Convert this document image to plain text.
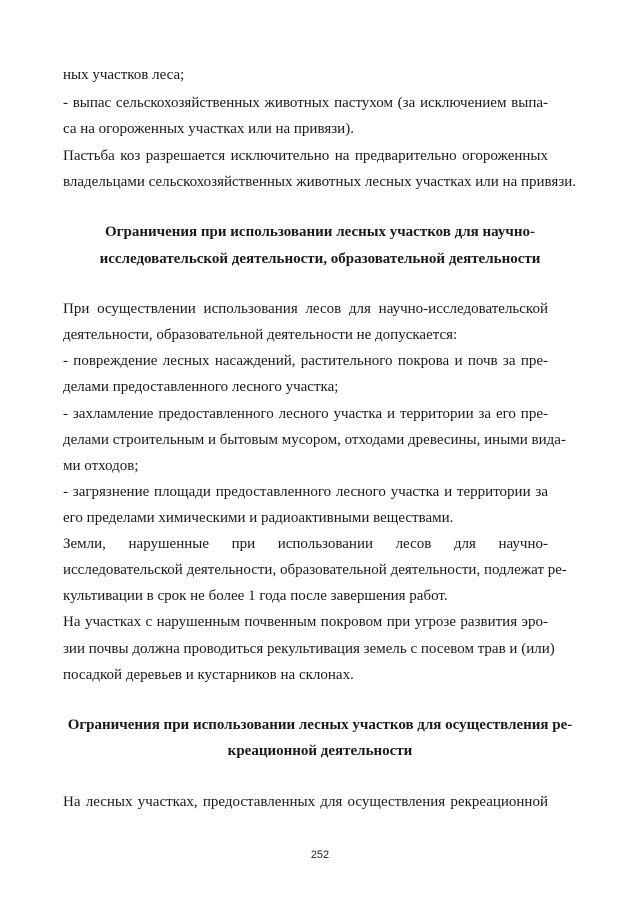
ных участков леса;
- выпас сельскохозяйственных животных пастухом (за исключением выпа-
са на огороженных участках или на привязи).
Пастьба коз разрешается исключительно на предварительно огороженных
владельцами сельскохозяйственных животных лесных участках или на привязи.
Ограничения при использовании лесных участков для научно-
исследовательской деятельности, образовательной деятельности
При осуществлении использования лесов для научно-исследовательской
деятельности, образовательной деятельности не допускается:
- повреждение лесных насаждений, растительного покрова и почв за пре-
делами предоставленного лесного участка;
- захламление предоставленного лесного участка и территории за его пре-
делами строительным и бытовым мусором, отходами древесины, иными вида-
ми отходов;
- загрязнение площади предоставленного лесного участка и территории за
его пределами химическими и радиоактивными веществами.
Земли, нарушенные при использовании лесов для научно-
исследовательской деятельности, образовательной деятельности, подлежат ре-
культивации в срок не более 1 года после завершения работ.
На участках с нарушенным почвенным покровом при угрозе развития эро-
зии почвы должна проводиться рекультивация земель с посевом трав и (или)
посадкой деревьев и кустарников на склонах.
Ограничения при использовании лесных участков для осуществления ре-
креационной деятельности
На лесных участках, предоставленных для осуществления рекреационной
252
